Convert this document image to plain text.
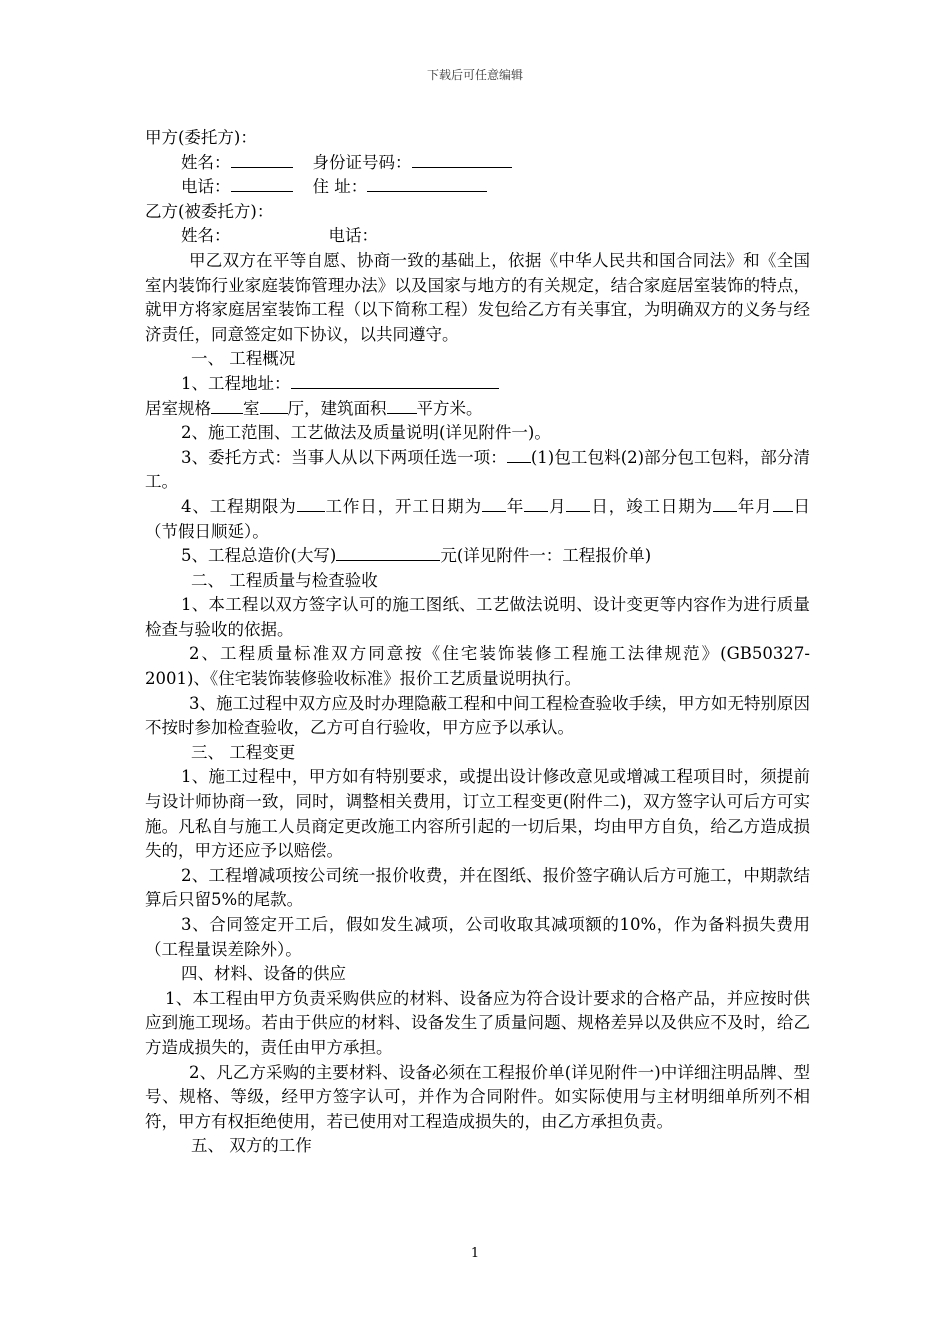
下载后可任意编辑

甲方(委托方)：

姓名：	身份证号码：

电话：	住 址：

乙方(被委托方)：

姓名：	电话：

甲乙双方在平等自愿、协商一致的基础上，依据《中华人民共和国合同法》和《全国室内装饰行业家庭装饰管理办法》以及国家与地方的有关规定，结合家庭居室装饰的特点，就甲方将家庭居室装饰工程（以下简称工程）发包给乙方有关事宜，为明确双方的义务与经济责任，同意签定如下协议，以共同遵守。

一、 工程概况

1、工程地址：

居室规格 室 厅，建筑面积 平方米。

2、施工范围、工艺做法及质量说明(详见附件一)。

3、委托方式：当事人从以下两项任选一项： (1)包工包料(2)部分包工包料，部分清工。

4、工程期限为 工作日，开工日期为 年 月 日，竣工日期为 年月 日（节假日顺延）。

5、工程总造价(大写)	元(详见附件一：工程报价单)

二、 工程质量与检查验收

1、本工程以双方签字认可的施工图纸、工艺做法说明、设计变更等内容作为进行质量检查与验收的依据。

2、工程质量标准双方同意按《住宅装饰装修工程施工法律规范》(GB50327-2001)、《住宅装饰装修验收标准》报价工艺质量说明执行。

3、施工过程中双方应及时办理隐蔽工程和中间工程检查验收手续，甲方如无特别原因不按时参加检查验收，乙方可自行验收，甲方应予以承认。

三、 工程变更

1、施工过程中，甲方如有特别要求，或提出设计修改意见或增减工程项目时，须提前与设计师协商一致，同时，调整相关费用，订立工程变更(附件二)，双方签字认可后方可实施。凡私自与施工人员商定更改施工内容所引起的一切后果，均由甲方自负，给乙方造成损失的，甲方还应予以赔偿。

2、工程增减项按公司统一报价收费，并在图纸、报价签字确认后方可施工，中期款结算后只留5%的尾款。

3、合同签定开工后，假如发生减项，公司收取其减项额的10%，作为备料损失费用（工程量误差除外）。

四、材料、设备的供应

1、本工程由甲方负责采购供应的材料、设备应为符合设计要求的合格产品，并应按时供应到施工现场。若由于供应的材料、设备发生了质量问题、规格差异以及供应不及时，给乙方造成损失的，责任由甲方承担。

2、凡乙方采购的主要材料、设备必须在工程报价单(详见附件一)中详细注明品牌、型号、规格、等级，经甲方签字认可，并作为合同附件。如实际使用与主材明细单所列不相符，甲方有权拒绝使用，若已使用对工程造成损失的，由乙方承担负责。

五、 双方的工作

1
